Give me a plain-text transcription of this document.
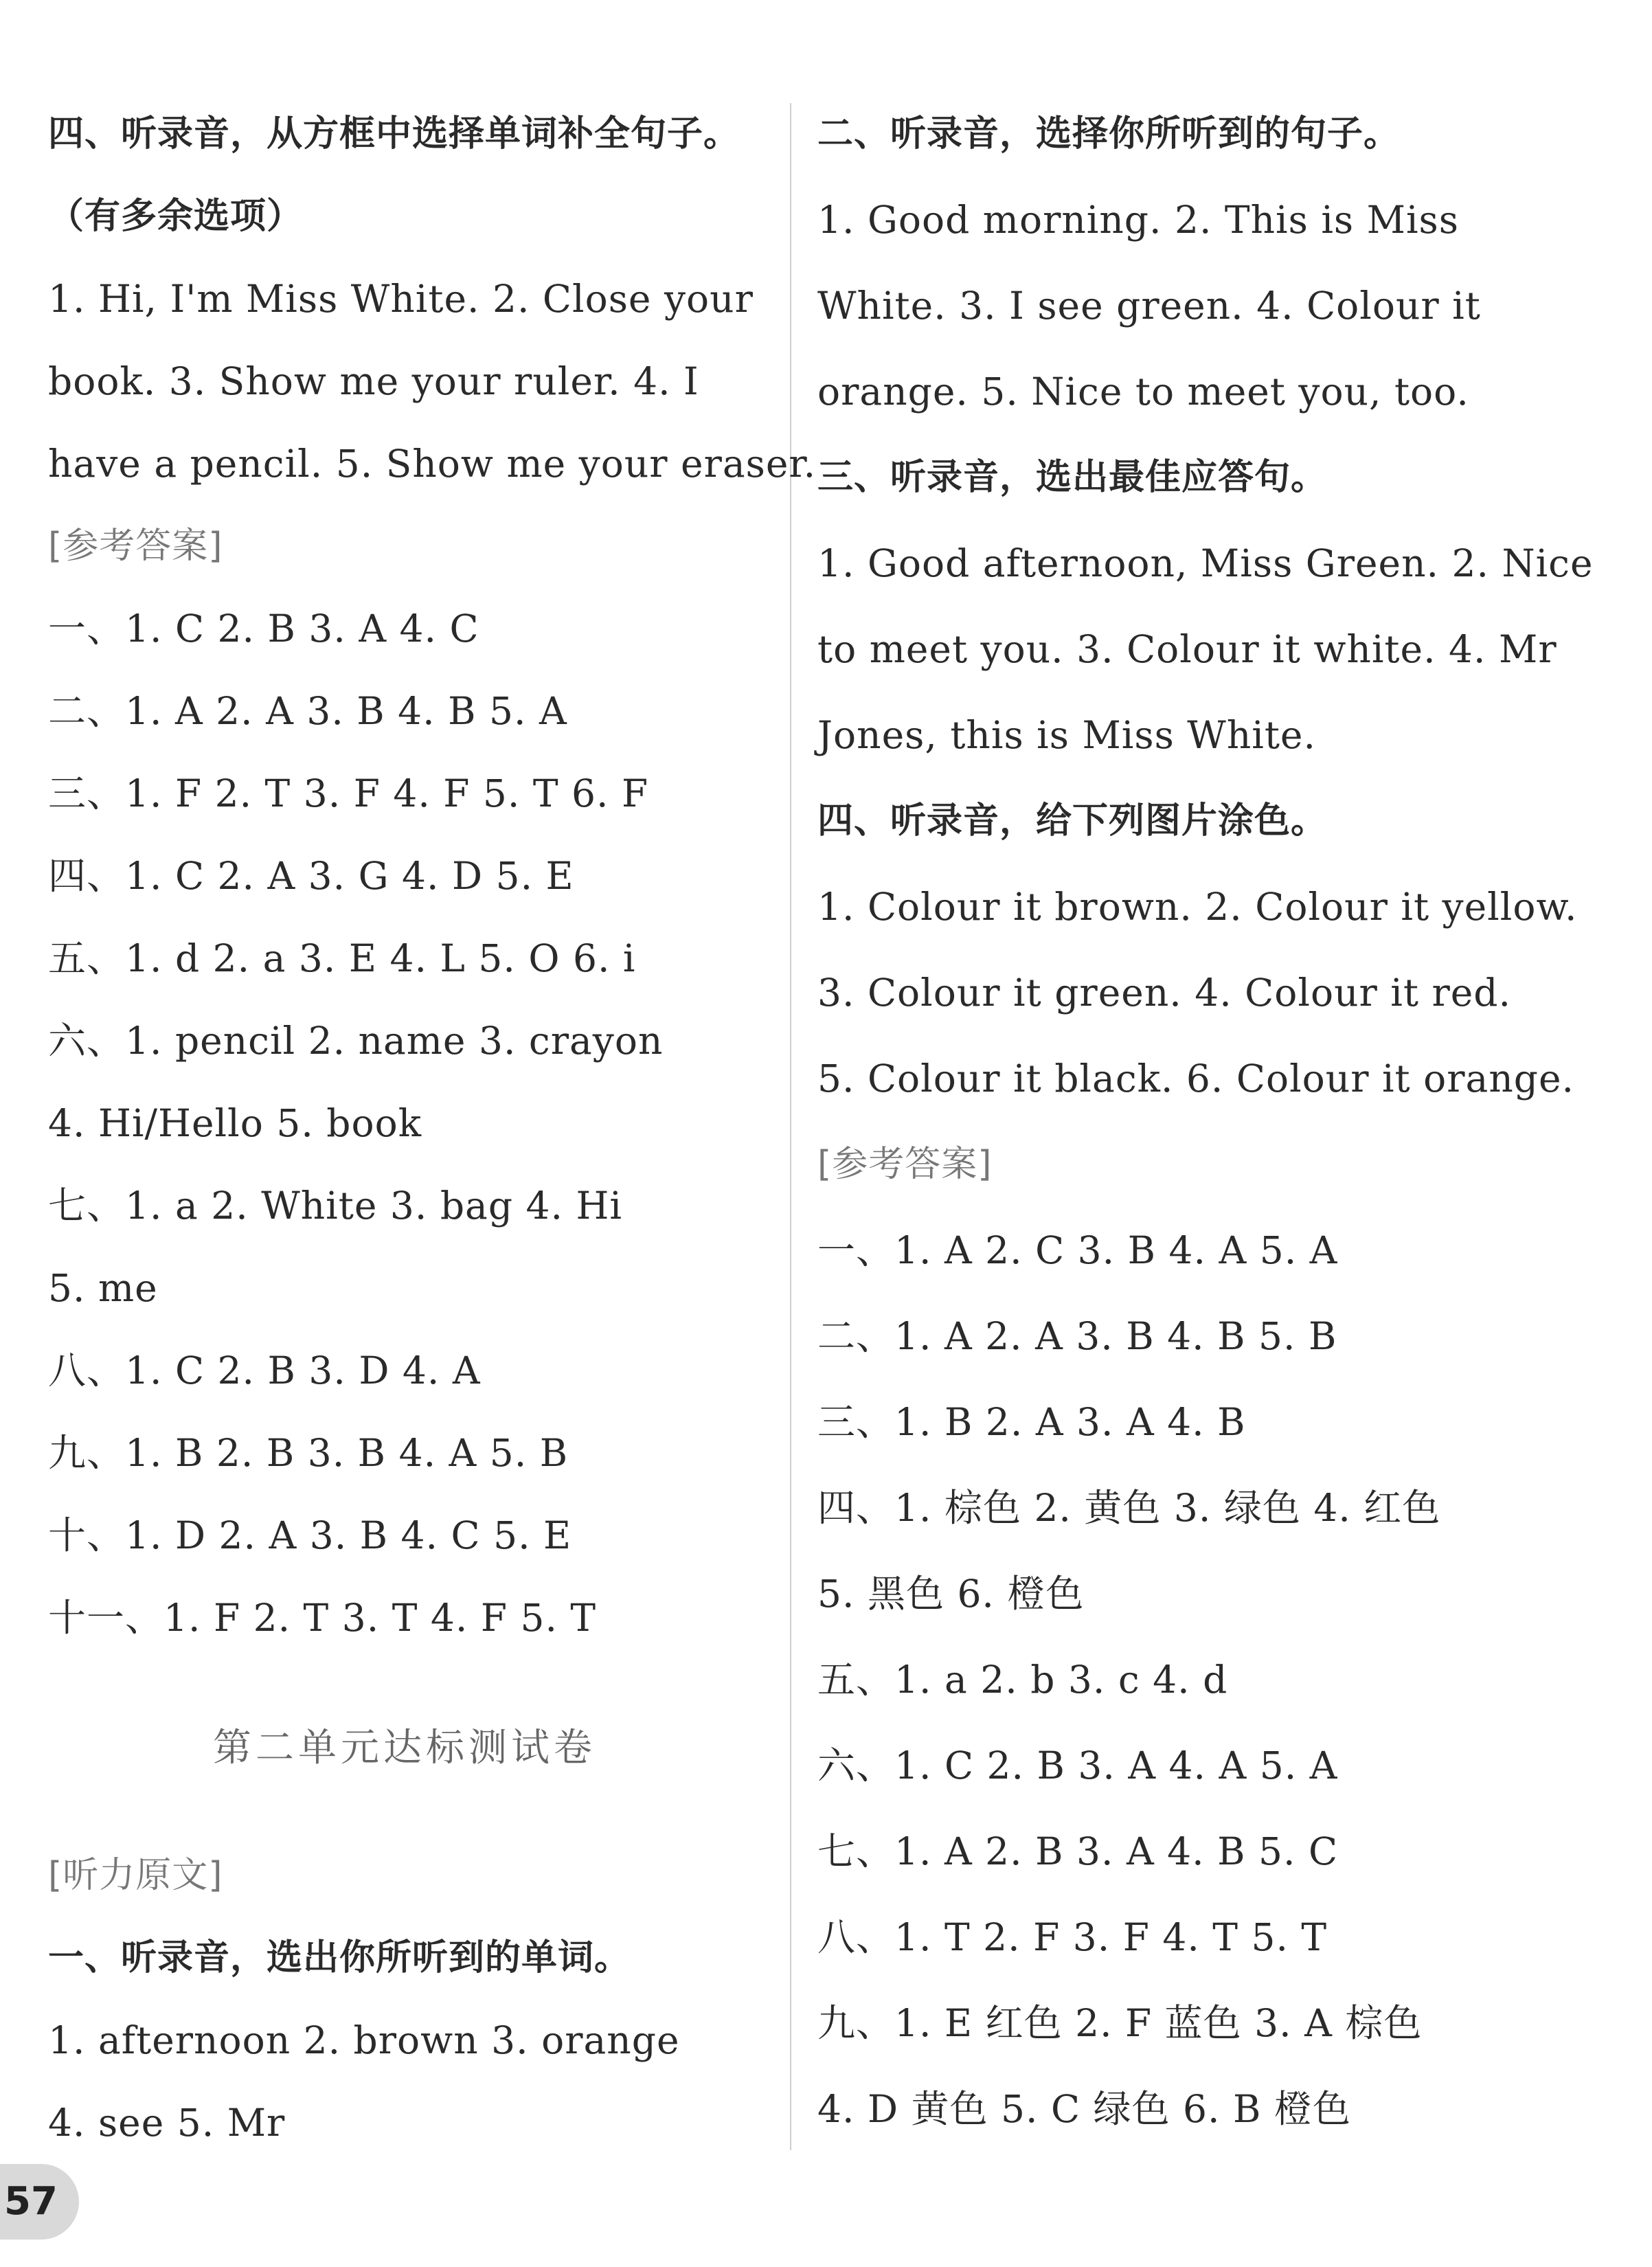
四、听录音，从方框中选择单词补全句子。
（有多余选项）
1. Hi, I'm Miss White. 2. Close your
book. 3. Show me your ruler. 4. I
have a pencil. 5. Show me your eraser.
[参考答案]
一、1. C 2. B 3. A 4. C
二、1. A 2. A 3. B 4. B 5. A
三、1. F 2. T 3. F 4. F 5. T 6. F
四、1. C 2. A 3. G 4. D 5. E
五、1. d 2. a 3. E 4. L 5. O 6. i
六、1. pencil 2. name 3. crayon
4. Hi/Hello 5. book
七、1. a 2. White 3. bag 4. Hi
5. me
八、1. C 2. B 3. D 4. A
九、1. B 2. B 3. B 4. A 5. B
十、1. D 2. A 3. B 4. C 5. E
十一、1. F 2. T 3. T 4. F 5. T
第二单元达标测试卷
[听力原文]
一、听录音，选出你所听到的单词。
1. afternoon 2. brown 3. orange
4. see 5. Mr
二、听录音，选择你所听到的句子。
1. Good morning. 2. This is Miss
White. 3. I see green. 4. Colour it
orange. 5. Nice to meet you, too.
三、听录音，选出最佳应答句。
1. Good afternoon, Miss Green. 2. Nice
to meet you. 3. Colour it white. 4. Mr
Jones, this is Miss White.
四、听录音，给下列图片涂色。
1. Colour it brown. 2. Colour it yellow.
3. Colour it green. 4. Colour it red.
5. Colour it black. 6. Colour it orange.
[参考答案]
一、1. A 2. C 3. B 4. A 5. A
二、1. A 2. A 3. B 4. B 5. B
三、1. B 2. A 3. A 4. B
四、1. 棕色 2. 黄色 3. 绿色 4. 红色
5. 黑色 6. 橙色
五、1. a 2. b 3. c 4. d
六、1. C 2. B 3. A 4. A 5. A
七、1. A 2. B 3. A 4. B 5. C
八、1. T 2. F 3. F 4. T 5. T
九、1. E 红色 2. F 蓝色 3. A 棕色
4. D 黄色 5. C 绿色 6. B 橙色
57
